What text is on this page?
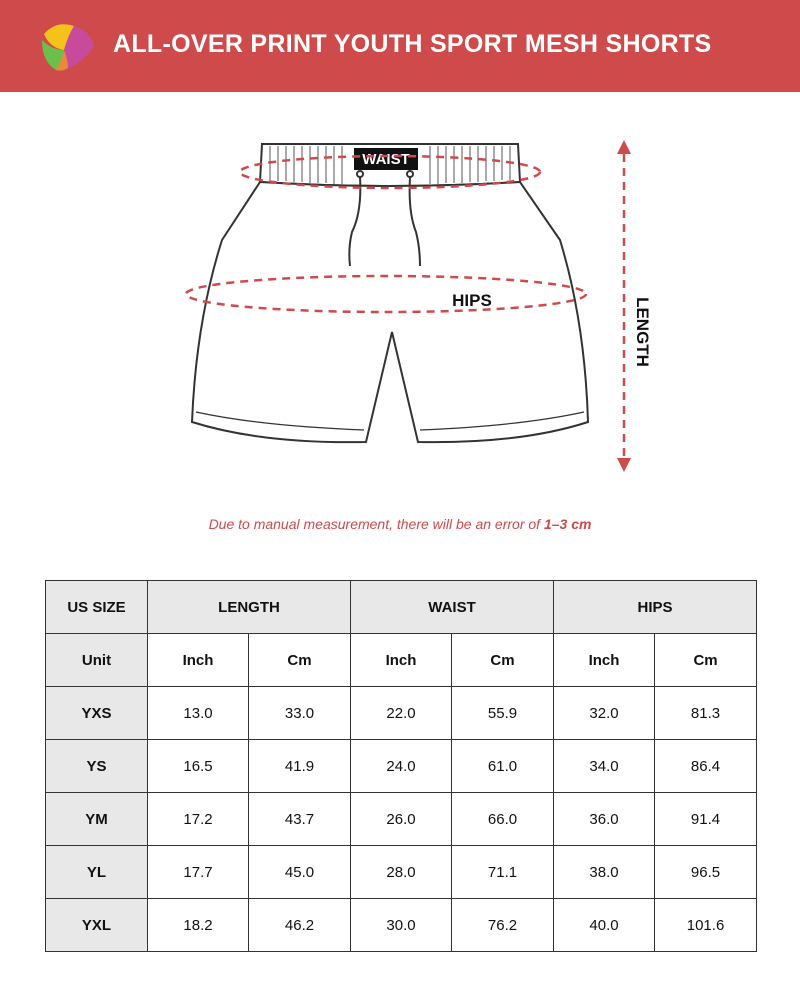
ALL-OVER PRINT YOUTH SPORT MESH SHORTS
WAIST
HIPS	LENGTH
Due to manual measurement, there will be an error of 1–3 cm
US SIZE	LENGTH		WAIST		HIPS	
Unit	Inch	Cm	Inch	Cm	Inch	Cm
YXS	13.0	33.0	22.0	55.9	32.0	81.3
YS	16.5	41.9	24.0	61.0	34.0	86.4
YM	17.2	43.7	26.0	66.0	36.0	91.4
YL	17.7	45.0	28.0	71.1	38.0	96.5
YXL	18.2	46.2	30.0	76.2	40.0	101.6
